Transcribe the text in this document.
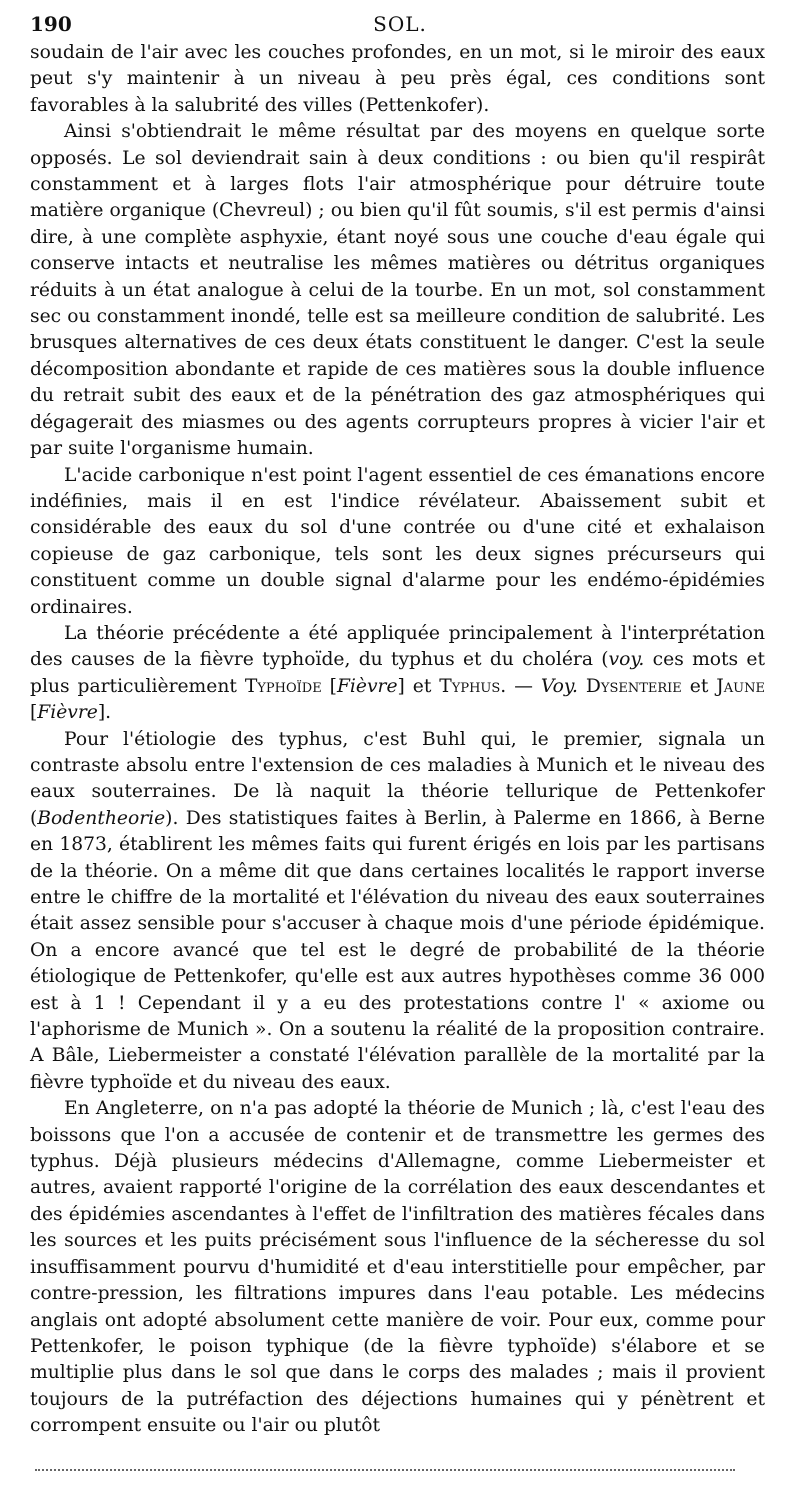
190	SOL.

soudain de l'air avec les couches profondes, en un mot, si le miroir des eaux peut s'y maintenir à un niveau à peu près égal, ces conditions sont favorables à la salubrité des villes (Pettenkofer).

Ainsi s'obtiendrait le même résultat par des moyens en quelque sorte opposés. Le sol deviendrait sain à deux conditions : ou bien qu'il respirât constamment et à larges flots l'air atmosphérique pour détruire toute matière organique (Chevreul) ; ou bien qu'il fût soumis, s'il est permis d'ainsi dire, à une complète asphyxie, étant noyé sous une couche d'eau égale qui conserve intacts et neutralise les mêmes matières ou détritus organiques réduits à un état analogue à celui de la tourbe. En un mot, sol constamment sec ou constamment inondé, telle est sa meilleure condition de salubrité. Les brusques alternatives de ces deux états constituent le danger. C'est la seule décomposition abondante et rapide de ces matières sous la double influence du retrait subit des eaux et de la pénétration des gaz atmosphériques qui dégagerait des miasmes ou des agents corrupteurs propres à vicier l'air et par suite l'organisme humain.

L'acide carbonique n'est point l'agent essentiel de ces émanations encore indéfinies, mais il en est l'indice révélateur. Abaissement subit et considérable des eaux du sol d'une contrée ou d'une cité et exhalaison copieuse de gaz carbonique, tels sont les deux signes précurseurs qui constituent comme un double signal d'alarme pour les endémo-épidémies ordinaires.

La théorie précédente a été appliquée principalement à l'interprétation des causes de la fièvre typhoïde, du typhus et du choléra (voy. ces mots et plus particulièrement Typhoïde [Fièvre] et Typhus. — Voy. Dysenterie et Jaune [Fièvre].

Pour l'étiologie des typhus, c'est Buhl qui, le premier, signala un contraste absolu entre l'extension de ces maladies à Munich et le niveau des eaux souterraines. De là naquit la théorie tellurique de Pettenkofer (Bodentheorie). Des statistiques faites à Berlin, à Palerme en 1866, à Berne en 1873, établirent les mêmes faits qui furent érigés en lois par les partisans de la théorie. On a même dit que dans certaines localités le rapport inverse entre le chiffre de la mortalité et l'élévation du niveau des eaux souterraines était assez sensible pour s'accuser à chaque mois d'une période épidémique. On a encore avancé que tel est le degré de probabilité de la théorie étiologique de Pettenkofer, qu'elle est aux autres hypothèses comme 36 000 est à 1 ! Cependant il y a eu des protestations contre l' « axiome ou l'aphorisme de Munich ». On a soutenu la réalité de la proposition contraire. A Bâle, Liebermeister a constaté l'élévation parallèle de la mortalité par la fièvre typhoïde et du niveau des eaux.

En Angleterre, on n'a pas adopté la théorie de Munich ; là, c'est l'eau des boissons que l'on a accusée de contenir et de transmettre les germes des typhus. Déjà plusieurs médecins d'Allemagne, comme Liebermeister et autres, avaient rapporté l'origine de la corrélation des eaux descendantes et des épidémies ascendantes à l'effet de l'infiltration des matières fécales dans les sources et les puits précisément sous l'influence de la sécheresse du sol insuffisamment pourvu d'humidité et d'eau interstitielle pour empêcher, par contre-pression, les filtrations impures dans l'eau potable. Les médecins anglais ont adopté absolument cette manière de voir. Pour eux, comme pour Pettenkofer, le poison typhique (de la fièvre typhoïde) s'élabore et se multiplie plus dans le sol que dans le corps des malades ; mais il provient toujours de la putréfaction des déjections humaines qui y pénètrent et corrompent ensuite ou l'air ou plutôt
